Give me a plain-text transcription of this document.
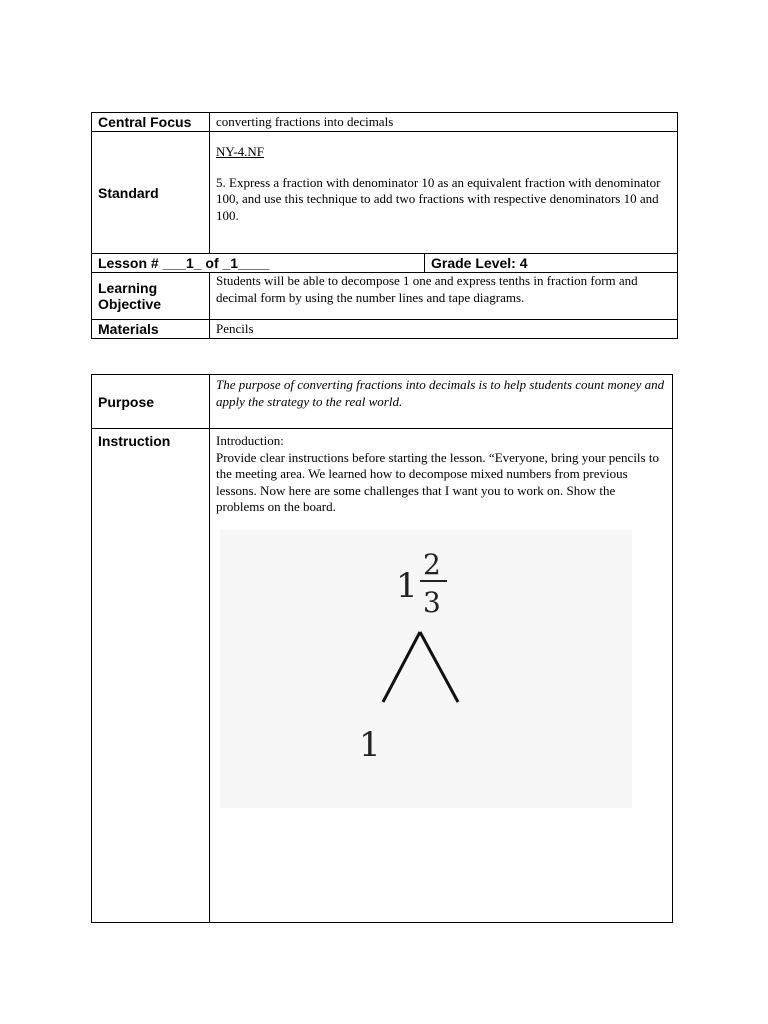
Central Focus	converting fractions into decimals	
Standard	NY-4.NF
5. Express a fraction with denominator 10 as an equivalent fraction with denominator 100, and use this technique to add two fractions with respective denominators 10 and 100.	

Lesson # ___1_ of _1____		Grade Level: 4

Learning
Objective	Students will be able to decompose 1 one and express tenths in fraction form and decimal form by using the number lines and tape diagrams.	
Materials	Pencils	
Purpose	The purpose of converting fractions into decimals is to help students count money and apply the strategy to the real world.
Instruction	Introduction:
Provide clear instructions before starting the lesson. “Everyone, bring your pencils to the meeting area. We learned how to decompose mixed numbers from previous lessons. Now here are some challenges that I want you to work on. Show the problems on the board.
1
2
3
1
